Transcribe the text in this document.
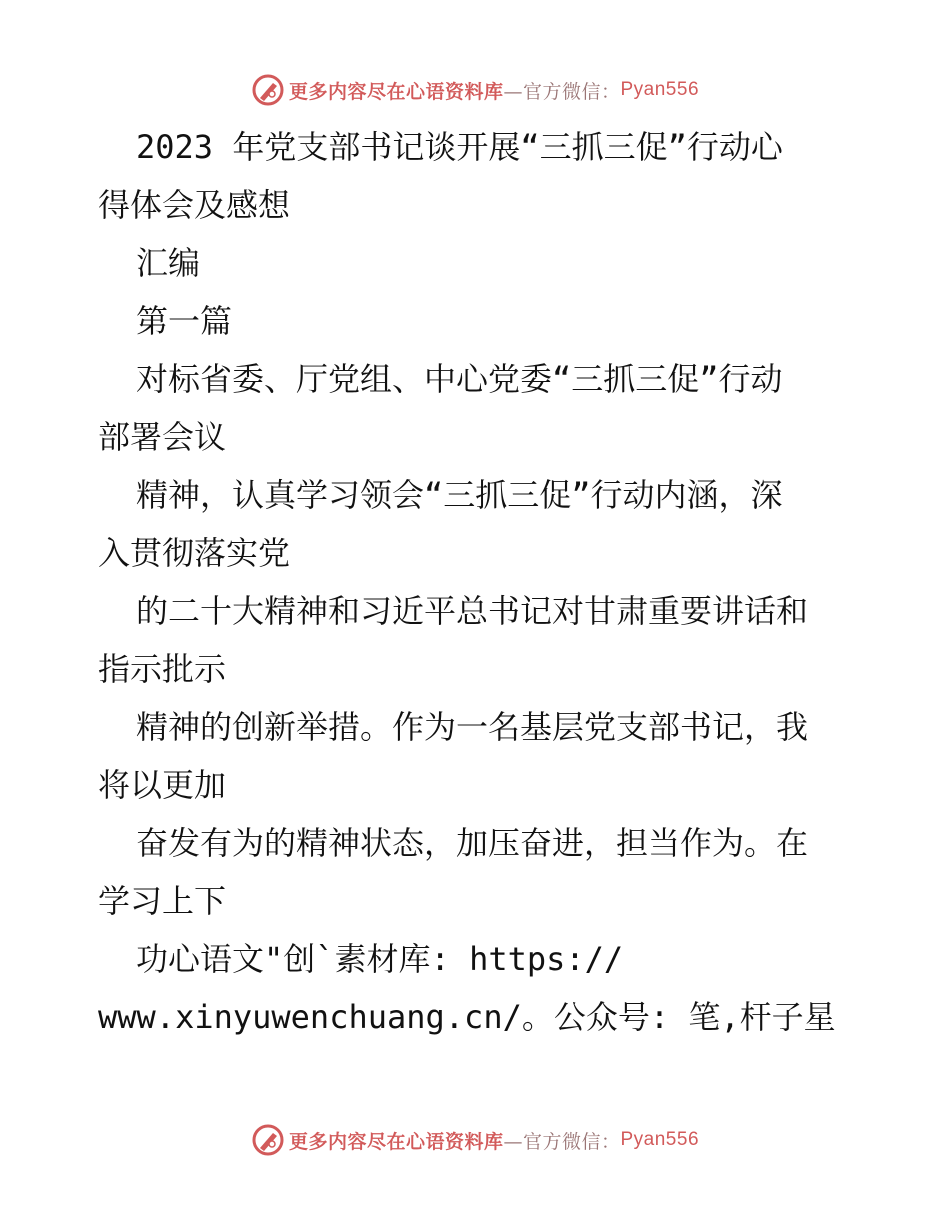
更多内容尽在心语资料库 —官方微信： Pyan556
2023 年党支部书记谈开展“三抓三促”行动心
得体会及感想
汇编
第一篇
对标省委、厅党组、中心党委“三抓三促”行动
部署会议
精神，认真学习领会“三抓三促”行动内涵，深
入贯彻落实党
的二十大精神和习近平总书记对甘肃重要讲话和
指示批示
精神的创新举措。作为一名基层党支部书记，我
将以更加
奋发有为的精神状态，加压奋进，担当作为。在
学习上下
功心语文"创`素材库: https://
www.xinyuwenchuang.cn/。公众号: 笔,杆子星
更多内容尽在心语资料库 —官方微信： Pyan556
